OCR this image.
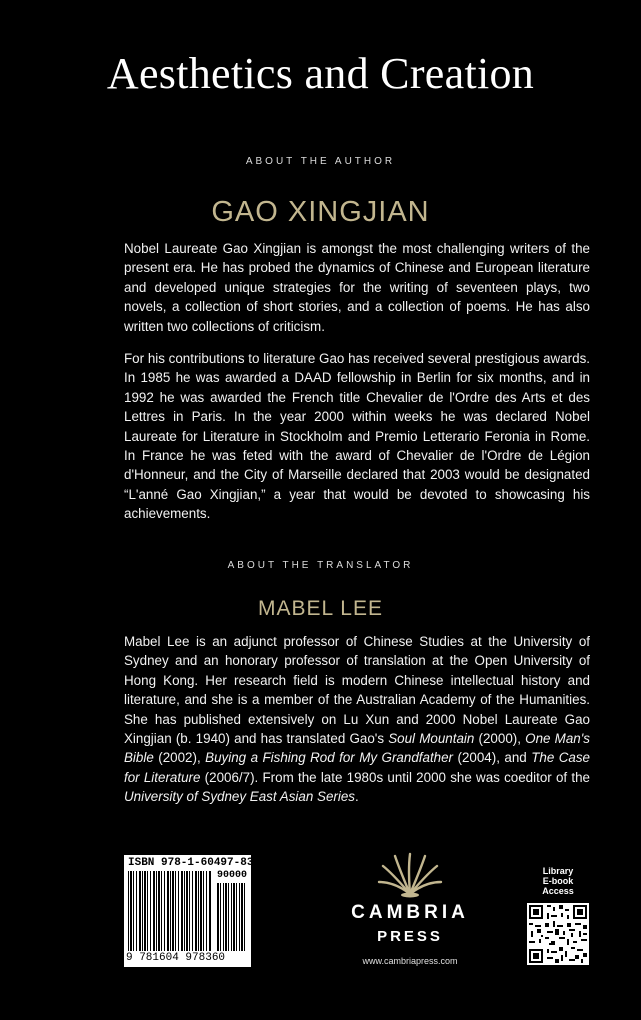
Aesthetics and Creation
ABOUT THE AUTHOR
GAO XINGJIAN

Nobel Laureate Gao Xingjian is amongst the most challenging writers of the present era. He has probed the dynamics of Chinese and European literature and developed unique strategies for the writing of seventeen plays, two novels, a collection of short stories, and a collection of poems. He has also written two collections of criticism.

For his contributions to literature Gao has received several prestigious awards. In 1985 he was awarded a DAAD fellowship in Berlin for six months, and in 1992 he was awarded the French title Chevalier de l'Ordre des Arts et des Lettres in Paris. In the year 2000 within weeks he was declared Nobel Laureate for Literature in Stockholm and Premio Letterario Feronia in Rome. In France he was feted with the award of Chevalier de l'Ordre de Légion d'Honneur, and the City of Marseille declared that 2003 would be designated “L'anné Gao Xingjian,” a year that would be devoted to showcasing his achievements.

ABOUT THE TRANSLATOR
MABEL LEE

Mabel Lee is an adjunct professor of Chinese Studies at the University of Sydney and an honorary professor of translation at the Open University of Hong Kong. Her research field is modern Chinese intellectual history and literature, and she is a member of the Australian Academy of the Humanities. She has published extensively on Lu Xun and 2000 Nobel Laureate Gao Xingjian (b. 1940) and has translated Gao's Soul Mountain (2000), One Man's Bible (2002), Buying a Fishing Rod for My Grandfather (2004), and The Case for Literature (2006/7). From the late 1980s until 2000 she was coeditor of the University of Sydney East Asian Series.

ISBN 978-1-60497-836-0
90000
9 781604 978360
CAMBRIA
PRESS
www.cambriapress.com
Library
E-book
Access
